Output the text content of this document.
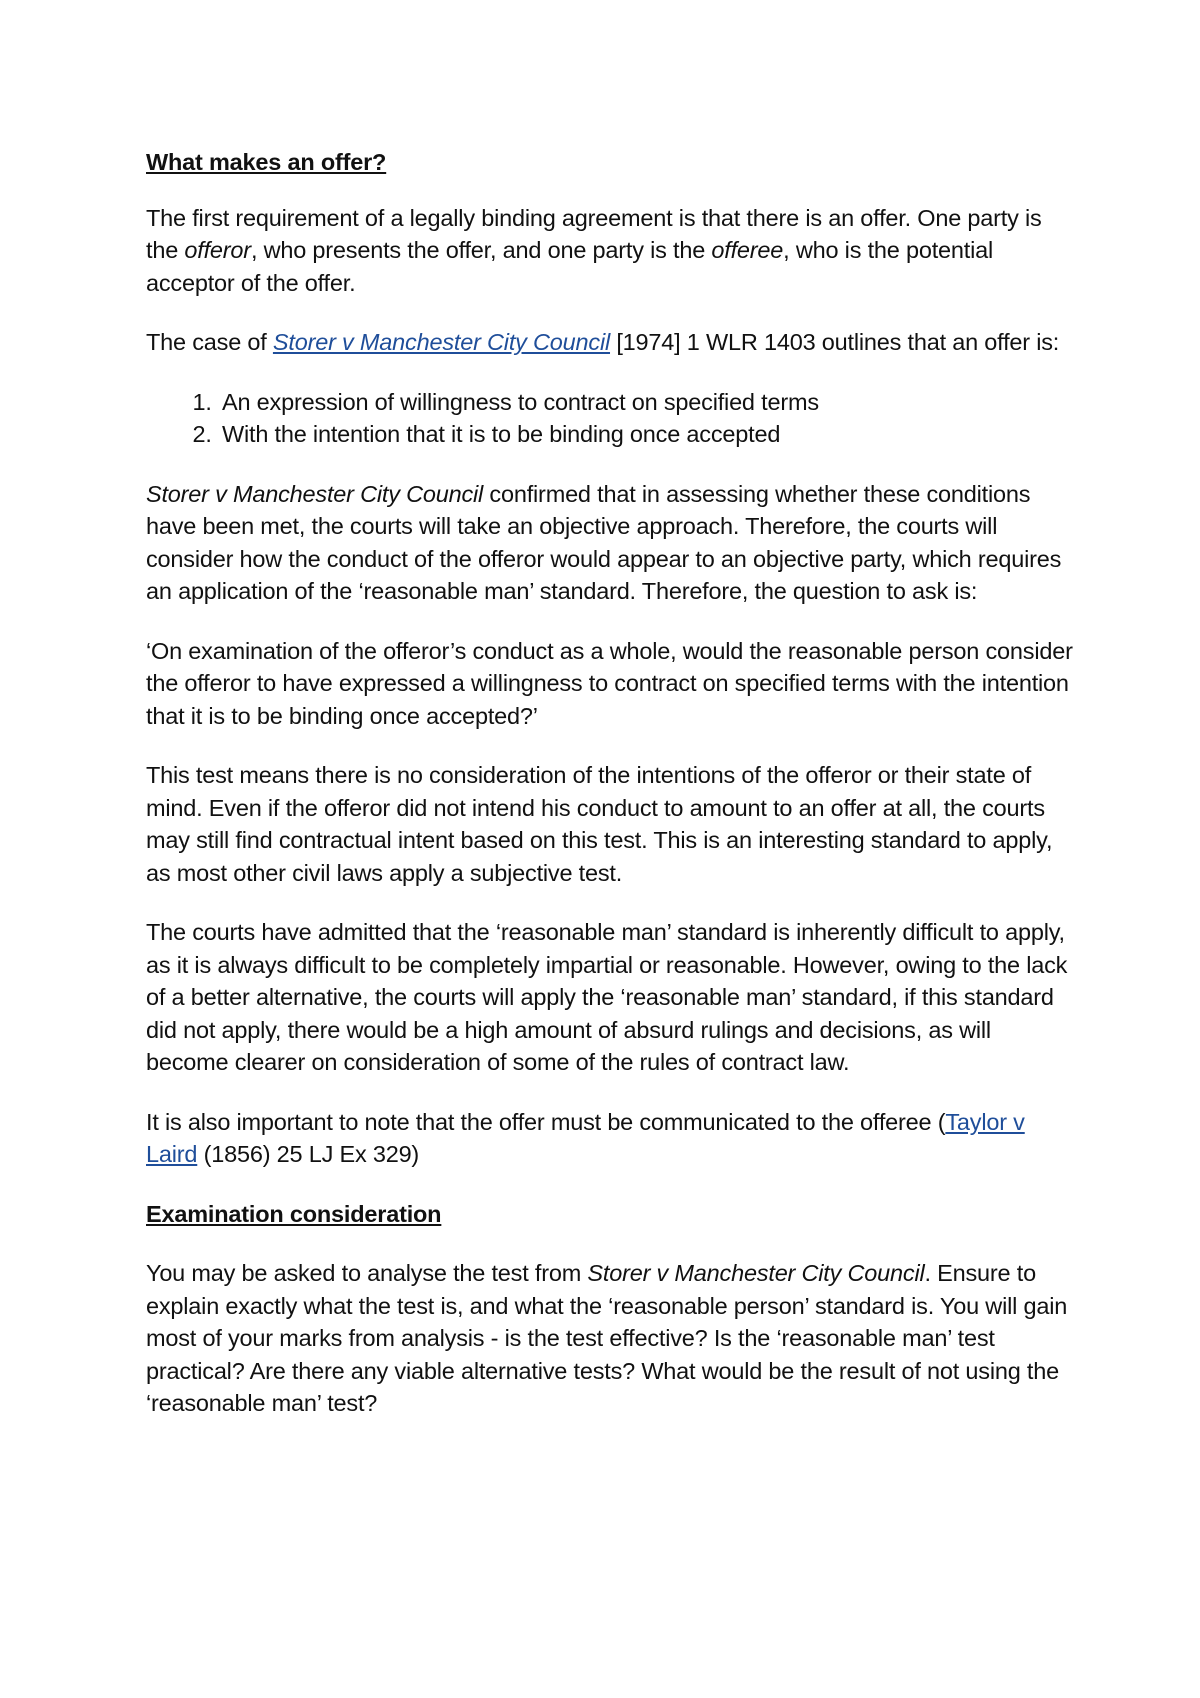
What makes an offer?

The first requirement of a legally binding agreement is that there is an offer. One party is the offeror, who presents the offer, and one party is the offeree, who is the potential acceptor of the offer.

The case of Storer v Manchester City Council [1974] 1 WLR 1403 outlines that an offer is:

1. An expression of willingness to contract on specified terms
2. With the intention that it is to be binding once accepted

Storer v Manchester City Council confirmed that in assessing whether these conditions have been met, the courts will take an objective approach. Therefore, the courts will consider how the conduct of the offeror would appear to an objective party, which requires an application of the ‘reasonable man’ standard. Therefore, the question to ask is:

‘On examination of the offeror’s conduct as a whole, would the reasonable person consider the offeror to have expressed a willingness to contract on specified terms with the intention that it is to be binding once accepted?’

This test means there is no consideration of the intentions of the offeror or their state of mind. Even if the offeror did not intend his conduct to amount to an offer at all, the courts may still find contractual intent based on this test. This is an interesting standard to apply, as most other civil laws apply a subjective test.

The courts have admitted that the ‘reasonable man’ standard is inherently difficult to apply, as it is always difficult to be completely impartial or reasonable. However, owing to the lack of a better alternative, the courts will apply the ‘reasonable man’ standard, if this standard did not apply, there would be a high amount of absurd rulings and decisions, as will become clearer on consideration of some of the rules of contract law.

It is also important to note that the offer must be communicated to the offeree (Taylor v Laird (1856) 25 LJ Ex 329)

Examination consideration

You may be asked to analyse the test from Storer v Manchester City Council. Ensure to explain exactly what the test is, and what the ‘reasonable person’ standard is. You will gain most of your marks from analysis - is the test effective? Is the ‘reasonable man’ test practical? Are there any viable alternative tests? What would be the result of not using the ‘reasonable man’ test?
